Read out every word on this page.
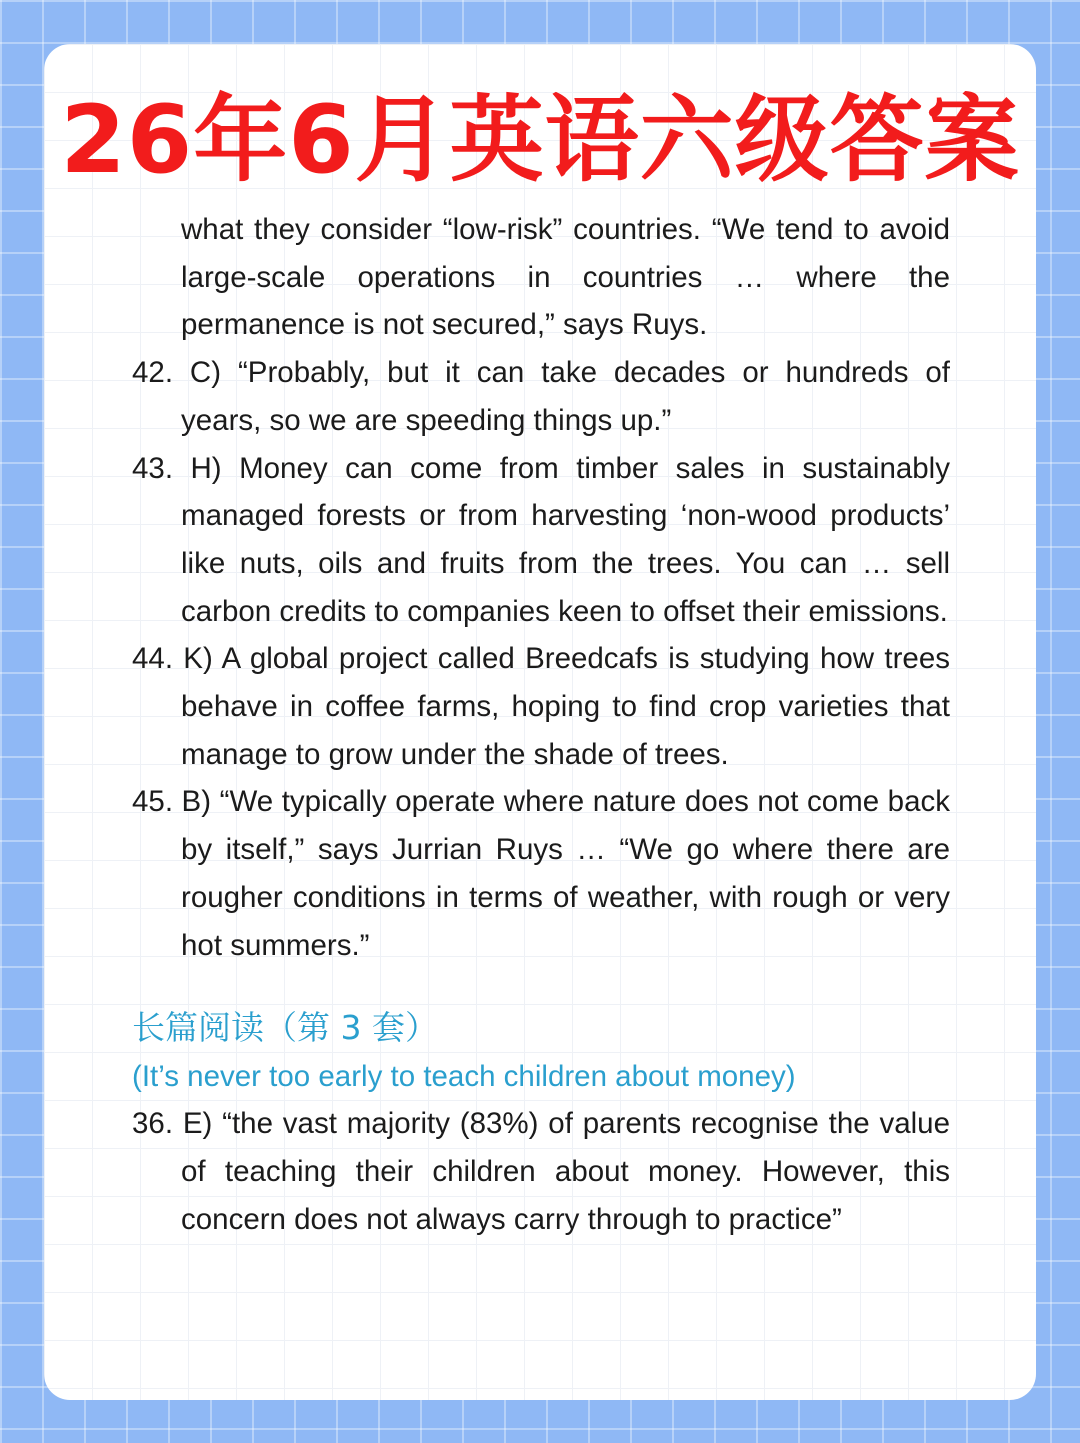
26年6月英语六级答案

what they consider “low-risk” countries. “We tend to avoid large-scale operations in countries … where the permanence is not secured,” says Ruys.

42. C) “Probably, but it can take decades or hundreds of years, so we are speeding things up.”

43. H) Money can come from timber sales in sustainably managed forests or from harvesting ‘non-wood products’ like nuts, oils and fruits from the trees. You can … sell carbon credits to companies keen to offset their emissions.

44. K) A global project called Breedcafs is studying how trees behave in coffee farms, hoping to find crop varieties that manage to grow under the shade of trees.

45. B) “We typically operate where nature does not come back by itself,” says Jurrian Ruys … “We go where there are rougher conditions in terms of weather, with rough or very hot summers.”

长篇阅读（第 3 套）

(It’s never too early to teach children about money)

36. E) “the vast majority (83%) of parents recognise the value of teaching their children about money. However, this concern does not always carry through to practice”
